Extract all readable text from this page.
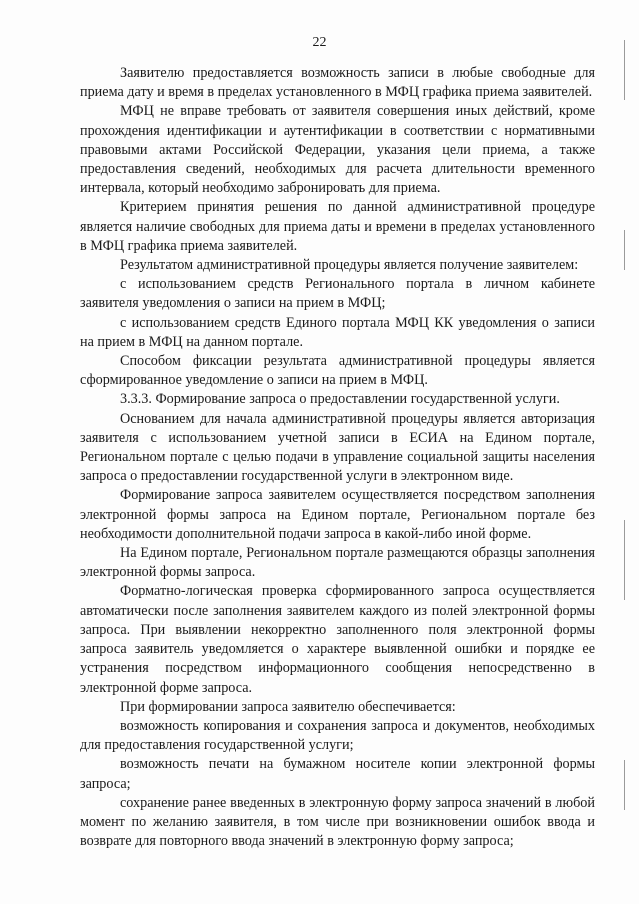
22

Заявителю предоставляется возможность записи в любые свободные для приема дату и время в пределах установленного в МФЦ графика приема заявителей.

МФЦ не вправе требовать от заявителя совершения иных действий, кроме прохождения идентификации и аутентификации в соответствии с нормативными правовыми актами Российской Федерации, указания цели приема, а также предоставления сведений, необходимых для расчета длительности временного интервала, который необходимо забронировать для приема.

Критерием принятия решения по данной административной процедуре является наличие свободных для приема даты и времени в пределах установленного в МФЦ графика приема заявителей.

Результатом административной процедуры является получение заявителем:

с использованием средств Регионального портала в личном кабинете заявителя уведомления о записи на прием в МФЦ;

с использованием средств Единого портала МФЦ КК уведомления о записи на прием в МФЦ на данном портале.

Способом фиксации результата административной процедуры является сформированное уведомление о записи на прием в МФЦ.

3.3.3. Формирование запроса о предоставлении государственной услуги.

Основанием для начала административной процедуры является авторизация заявителя с использованием учетной записи в ЕСИА на Едином портале, Региональном портале с целью подачи в управление социальной защиты населения запроса о предоставлении государственной услуги в электронном виде.

Формирование запроса заявителем осуществляется посредством заполнения электронной формы запроса на Едином портале, Региональном портале без необходимости дополнительной подачи запроса в какой-либо иной форме.

На Едином портале, Региональном портале размещаются образцы заполнения электронной формы запроса.

Форматно-логическая проверка сформированного запроса осуществляется автоматически после заполнения заявителем каждого из полей электронной формы запроса. При выявлении некорректно заполненного поля электронной формы запроса заявитель уведомляется о характере выявленной ошибки и порядке ее устранения посредством информационного сообщения непосредственно в электронной форме запроса.

При формировании запроса заявителю обеспечивается:

возможность копирования и сохранения запроса и документов, необходимых для предоставления государственной услуги;

возможность печати на бумажном носителе копии электронной формы запроса;

сохранение ранее введенных в электронную форму запроса значений в любой момент по желанию заявителя, в том числе при возникновении ошибок ввода и возврате для повторного ввода значений в электронную форму запроса;
